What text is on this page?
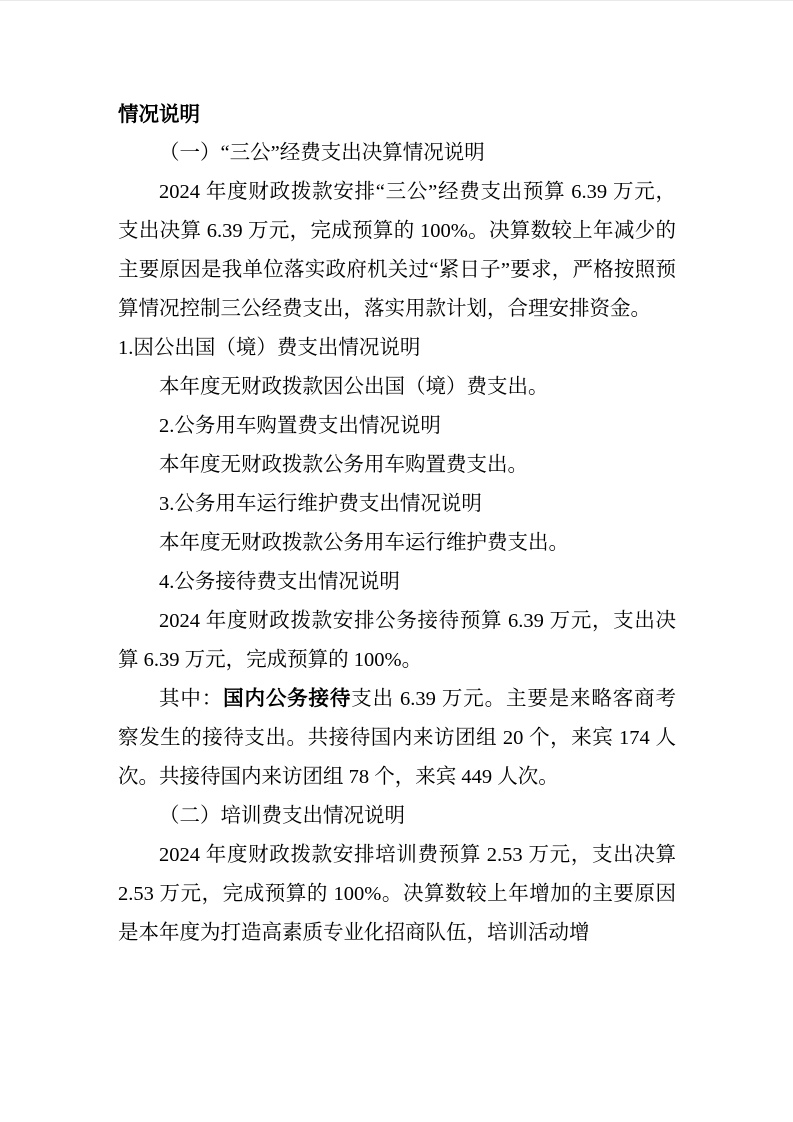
情况说明

（一）“三公”经费支出决算情况说明

2024 年度财政拨款安排“三公”经费支出预算 6.39 万元，支出决算 6.39 万元，完成预算的 100%。决算数较上年减少的主要原因是我单位落实政府机关过“紧日子”要求，严格按照预算情况控制三公经费支出，落实用款计划，合理安排资金。

1.因公出国（境）费支出情况说明

本年度无财政拨款因公出国（境）费支出。

2.公务用车购置费支出情况说明

本年度无财政拨款公务用车购置费支出。

3.公务用车运行维护费支出情况说明

本年度无财政拨款公务用车运行维护费支出。

4.公务接待费支出情况说明

2024 年度财政拨款安排公务接待预算 6.39 万元，支出决算 6.39 万元，完成预算的 100%。

其中：国内公务接待支出 6.39 万元。主要是来略客商考察发生的接待支出。共接待国内来访团组 20 个，来宾 174 人次。共接待国内来访团组 78 个，来宾 449 人次。

（二）培训费支出情况说明

2024 年度财政拨款安排培训费预算 2.53 万元，支出决算 2.53 万元，完成预算的 100%。决算数较上年增加的主要原因是本年度为打造高素质专业化招商队伍，培训活动增
